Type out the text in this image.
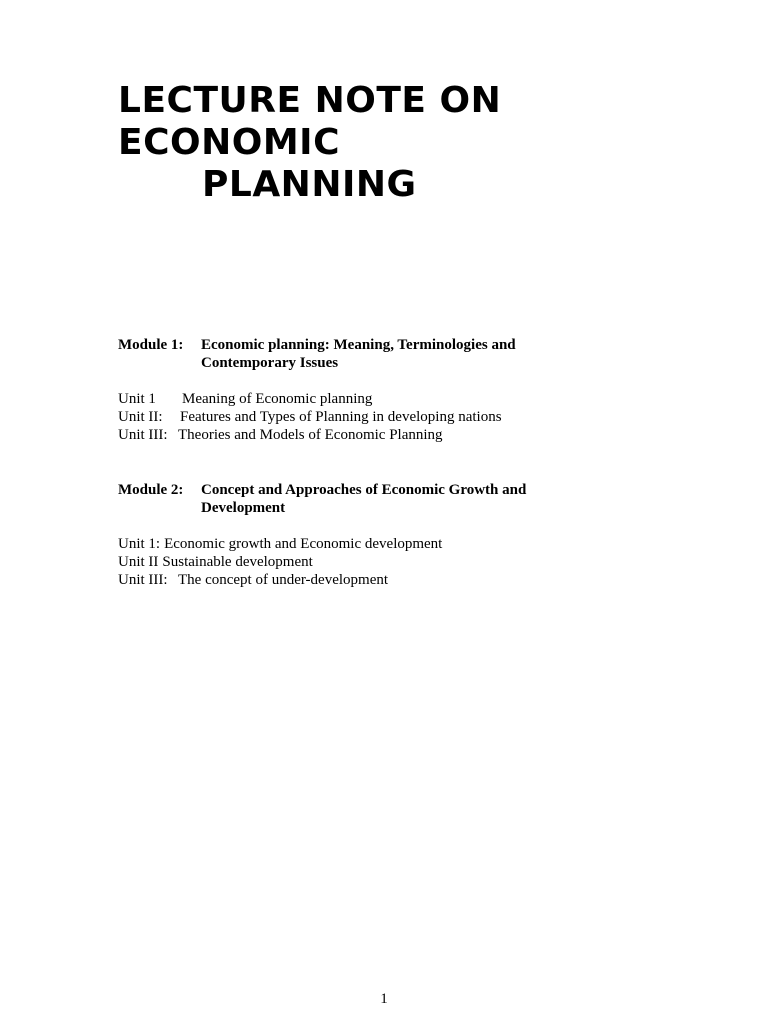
LECTURE NOTE ON
ECONOMIC
PLANNING
Module 1:	Economic planning: Meaning, Terminologies and Contemporary Issues
Unit 1	Meaning of Economic planning
Unit II:	Features and Types of Planning in developing nations
Unit III: Theories and Models of Economic Planning
Module 2:	Concept and Approaches of Economic Growth and Development
Unit 1: Economic growth and Economic development
Unit II Sustainable development
Unit III: The concept of under-development
1
